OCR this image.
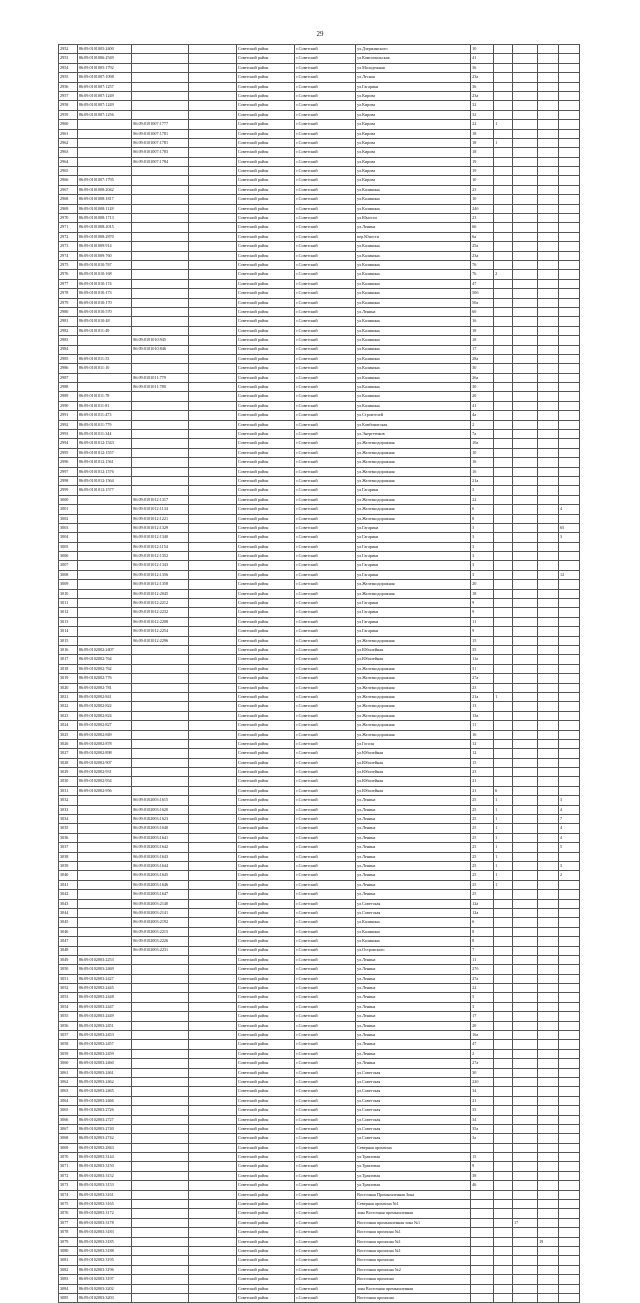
29
2952	86:09:0101005:2400			Советский район	г.Советский	ул.Дзержинского	10				
2953	86:09:0101006:2549			Советский район	г.Советский	ул.Комсомольская	41				
2954	86:09:0101005:1792			Советский район	г.Советский	ул.Молодежная	36				
2955	86:09:0101007:1098			Советский район	г.Советский	ул.Лесная	23а				
2956	86:09:0101007:1257			Советский район	г.Советский	ул.Гагарина	36				
2957	86:09:0101007:1249			Советский район	г.Советский	ул.Кирова	23а				
2958	86:09:0101007:1249			Советский район	г.Советский	ул.Кирова	32				
2959	86:09:0101007:1256			Советский район	г.Советский	ул.Кирова	32				
2960		86:09:0101007:1777		Советский район	г.Советский	ул.Кирова	22	1			
2961		86:09:0101007:1781		Советский район	г.Советский	ул.Кирова	18				
2962		86:09:0101007:1781		Советский район	г.Советский	ул.Кирова	18	1			
2963		86:09:0101007:1783		Советский район	г.Советский	ул.Кирова	18				
2964		86:09:0101007:1784		Советский район	г.Советский	ул.Кирова	19				
2965				Советский район	г.Советский	ул.Кирова	19				
2966	86:09:0101007:1795			Советский район	г.Советский	ул.Кирова	10				
2967	86:09:0101008:2042			Советский район	г.Советский	ул.Калинина	23				
2968	86:09:0101008:1817			Советский район	г.Советский	ул.Калинина	10				
2969	86:09:0101008:1128			Советский район	г.Советский	ул.Калинина	24б				
2970	86:09:0101008:1713			Советский район	г.Советский	ул.Юности	23				
2971	86:09:0101008:2015			Советский район	г.Советский	ул.Ленина	66				
2972	86:09:0101008:2870			Советский район	г.Советский	пер.Юности	6а				
2973	86:09:0101009:914			Советский район	г.Советский	ул.Калинина	25а				
2974	86:09:0101009:760			Советский район	г.Советский	ул.Калинина	23а				
2975	86:09:0101010:767			Советский район	г.Советский	ул.Калинина	76				
2976	86:09:0101010:168			Советский район	г.Советский	ул.Калинина	76	2			
2977	86:09:0101010:174			Советский район	г.Советский	ул.Калинина	47				
2978	86:09:0101010:173			Советский район	г.Советский	ул.Калинина	50б				
2979	86:09:0101010:170			Советский район	г.Советский	ул.Калинина	50а				
2980	86:09:0101010:570			Советский район	г.Советский	ул.Ленина	60				
2981	86:09:0101010:48			Советский район	г.Советский	ул.Калинина	16				
2982	86:09:0101011:49			Советский район	г.Советский	ул.Калинина	18				
2983		86:09:0101010:945		Советский район	г.Советский	ул.Калинина	18				
2984		86:09:0101010:846		Советский район	г.Советский	ул.Калинина	17				
2985	86:09:0101011:53			Советский район	г.Советский	ул.Калинина	28а				
2986	86:09:0101011:10			Советский район	г.Советский	ул.Калинина	30				
2987		86:09:0101011:779		Советский район	г.Советский	ул.Калинина	26а				
2988		86:09:0101011:780		Советский район	г.Советский	ул.Калинина	30				
2989	86:09:0101011:78			Советский район	г.Советский	ул.Калинина	20				
2990	86:09:0101011:81			Советский район	г.Советский	ул.Калинина	41				
2991	86:09:0101011:473			Советский район	г.Советский	ул.Строителей	4а				
2992	86:09:0101011:779			Советский район	г.Советский	ул.Комбинатская	2				
2993	86:09:0101011:344			Советский район	г.Советский	ул.Энергетиков	7а				
2994	86:09:0101012:1543			Советский район	г.Советский	ул.Железнодорожная	10а				
2995	86:09:0101012:1557			Советский район	г.Советский	ул.Железнодорожная	10				
2996	86:09:0101012:1561			Советский район	г.Советский	ул.Железнодорожная	16				
2997	86:09:0101012:1576			Советский район	г.Советский	ул.Железнодорожная	16				
2998	86:09:0101012:1564			Советский район	г.Советский	ул.Железнодорожная	21а				
2999	86:09:0101012:1577			Советский район	г.Советский	ул.Гагарина	3				
3000		86:09:0101012:1317		Советский район	г.Советский	ул.Железнодорожная	22				
3001		86:09:0101012:1134		Советский район	г.Советский	ул.Железнодорожная	6				4
3002		86:09:0101012:1221		Советский район	г.Советский	ул.Железнодорожная	8				
3003		86:09:0101012:1329		Советский район	г.Советский	ул.Гагарина	3				65
3004		86:09:0101012:1340		Советский район	г.Советский	ул.Гагарина	3				3
3005		86:09:0101012:1154		Советский район	г.Советский	ул.Гагарина	3				
3006		86:09:0101012:1352		Советский район	г.Советский	ул.Гагарина	3				
3007		86:09:0101012:1343		Советский район	г.Советский	ул.Гагарина	3				
3008		86:09:0101012:1356		Советский район	г.Советский	ул.Гагарина	3				12
3009		86:09:0101012:1358		Советский район	г.Советский	ул.Железнодорожная	20				
3010		86:09:0101012:2045		Советский район	г.Советский	ул.Железнодорожная	18				
3011		86:09:0101012:2212		Советский район	г.Советский	ул.Гагарина	9				
3012		86:09:0101012:2232		Советский район	г.Советский	ул.Гагарина	9				
3013		86:09:0101012:2208		Советский район	г.Советский	ул.Гагарина	11				
3014		86:09:0101012:2254		Советский район	г.Советский	ул.Гагарина	9				
3015		86:09:0101012:2296		Советский район	г.Советский	ул.Железнодорожная	15				
3016	86:09:0102002:2407			Советский район	г.Советский	ул.Юбилейная	35				
3017	86:09:0102002:764			Советский район	г.Советский	ул.Юбилейная	11а				
3018	86:09:0102002:762			Советский район	г.Советский	ул.Железнодорожная	31				
3019	86:09:0102002:776			Советский район	г.Советский	ул.Железнодорожная	27а				
3020	86:09:0102002:781			Советский район	г.Советский	ул.Железнодорожная	23				
3021	86:09:0102002:841			Советский район	г.Советский	ул.Железнодорожная	21а	1			
3022	86:09:0102002:822			Советский район	г.Советский	ул.Железнодорожная	13				
3023	86:09:0102002:824			Советский район	г.Советский	ул.Железнодорожная	13а				
3024	86:09:0102002:827			Советский район	г.Советский	ул.Железнодорожная	11				
3025	86:09:0102002:849			Советский район	г.Советский	ул.Железнодорожная	16				
3026	86:09:0102002:878			Советский район	г.Советский	ул.Гоголя	12				
3027	86:09:0102002:898			Советский район	г.Советский	ул.Юбилейная	12				
3028	86:09:0102002:907			Советский район	г.Советский	ул.Юбилейная	15				
3029	86:09:0102002:931			Советский район	г.Советский	ул.Юбилейная	23				
3030	86:09:0102002:954			Советский район	г.Советский	ул.Юбилейная	21				
3031	86:09:0102002:956			Советский район	г.Советский	ул.Юбилейная	21	6			
3032		86:09:0102003:1615		Советский район	г.Советский	ул.Ленина	25	1			3
3033		86:09:0102003:1620		Советский район	г.Советский	ул.Ленина	25	1			4
3034		86:09:0102003:1623		Советский район	г.Советский	ул.Ленина	25	1			7
3035		86:09:0102003:1640		Советский район	г.Советский	ул.Ленина	25	1			4
3036		86:09:0102003:1641		Советский район	г.Советский	ул.Ленина	25	1			4
3037		86:09:0102003:1642		Советский район	г.Советский	ул.Ленина	25	1			5
3038		86:09:0102003:1643		Советский район	г.Советский	ул.Ленина	25	1			
3039		86:09:0102003:1644		Советский район	г.Советский	ул.Ленина	25	1			3
3040		86:09:0102003:1645		Советский район	г.Советский	ул.Ленина	25	1			2
3041		86:09:0102003:1646		Советский район	г.Советский	ул.Ленина	25	1			
3042		86:09:0102003:1647		Советский район	г.Советский	ул.Ленина	25				
3043		86:09:0102003:2140		Советский район	г.Советский	ул.Советская	12а				
3044		86:09:0102003:2141		Советский район	г.Советский	ул.Советская	12а				
3045		86:09:0102003:2192		Советский район	г.Советский	ул.Калинина	6				
3046		86:09:0102003:2215		Советский район	г.Советский	ул.Калинина	8				
3047		86:09:0102003:2226		Советский район	г.Советский	ул.Калинина	8				
3048		86:09:0102003:2231		Советский район	г.Советский	ул.Островского	7				
3049	86:09:0102003:2253			Советский район	г.Советский	ул.Ленина	11				
3050	86:09:0102003:2469			Советский район	г.Советский	ул.Ленина	27б				
3051	86:09:0102003:2427			Советский район	г.Советский	ул.Ленина	27а				
3052	86:09:0102003:2445			Советский район	г.Советский	ул.Ленина	22				
3053	86:09:0102003:2448			Советский район	г.Советский	ул.Ленина	5				
3054	86:09:0102003:2447			Советский район	г.Советский	ул.Ленина	3				
3055	86:09:0102003:2449			Советский район	г.Советский	ул.Ленина	17				
3056	86:09:0102003:2451			Советский район	г.Советский	ул.Ленина	20				
3057	86:09:0102003:2453			Советский район	г.Советский	ул.Ленина	16а				
3058	86:09:0102003:2457			Советский район	г.Советский	ул.Ленина	47				
3059	86:09:0102003:2459			Советский район	г.Советский	ул.Ленина	2				
3060	86:09:0102003:2460			Советский район	г.Советский	ул.Ленина	27а				
3061	86:09:0102003:2461			Советский район	г.Советский	ул.Советская	30				
3062	86:09:0102003:2462			Советский район	г.Советский	ул.Советская	22б				
3063	86:09:0102003:2465			Советский район	г.Советский	ул.Советская	34				
3064	86:09:0102003:2466			Советский район	г.Советский	ул.Советская	21				
3065	86:09:0102003:2726			Советский район	г.Советский	ул.Советская	35				
3066	86:09:0102003:2727			Советский район	г.Советский	ул.Советская	34				
3067	86:09:0102003:2740			Советский район	г.Советский	ул.Советская	35а				
3068	86:09:0102003:2742			Советский район	г.Советский	ул.Советская	3а				
3069	86:09:0102003:2843			Советский район	г.Советский	Северная промзона					
3070	86:09:0102003:3144			Советский район	г.Советский	ул.Трактовая	15				
3071	86:09:0102003:3150			Советский район	г.Советский	ул.Трактовая	9				
3072	86:09:0102003:3152			Советский район	г.Советский	ул.Трактовая	38				
3073	86:09:0102003:3153			Советский район	г.Советский	ул.Трактовая	46				
3074	86:09:0102003:3161			Советский район	г.Советский	Восточная Промышленная Зона					
3075	86:09:0102003:3165			Советский район	г.Советский	Северная промзона №1					
3076	86:09:0102003:3172			Советский район	г.Советский	зона Восточная промышленная					
3077	86:09:0102003:3178			Советский район	г.Советский	Восточная промышленная зона №1			17		
3078	86:09:0102003:3183			Советский район	г.Советский	Восточная промзона №1					
3079	86:09:0102003:3185			Советский район	г.Советский	Восточная промзона №1				19	
3080	86:09:0102003:3188			Советский район	г.Советский	Восточная промзона №1					
3081	86:09:0102003:3195			Советский район	г.Советский	Восточная промзона					
3082	86:09:0102003:3196			Советский район	г.Советский	Восточная промзона №2					
3083	86:09:0102003:3197			Советский район	г.Советский	Восточная промзона					
3084	86:09:0102003:3202			Советский район	г.Советский	зона Восточная промышленная					
3085	86:09:0102003:3203			Советский район	г.Советский	Восточная промзона					
